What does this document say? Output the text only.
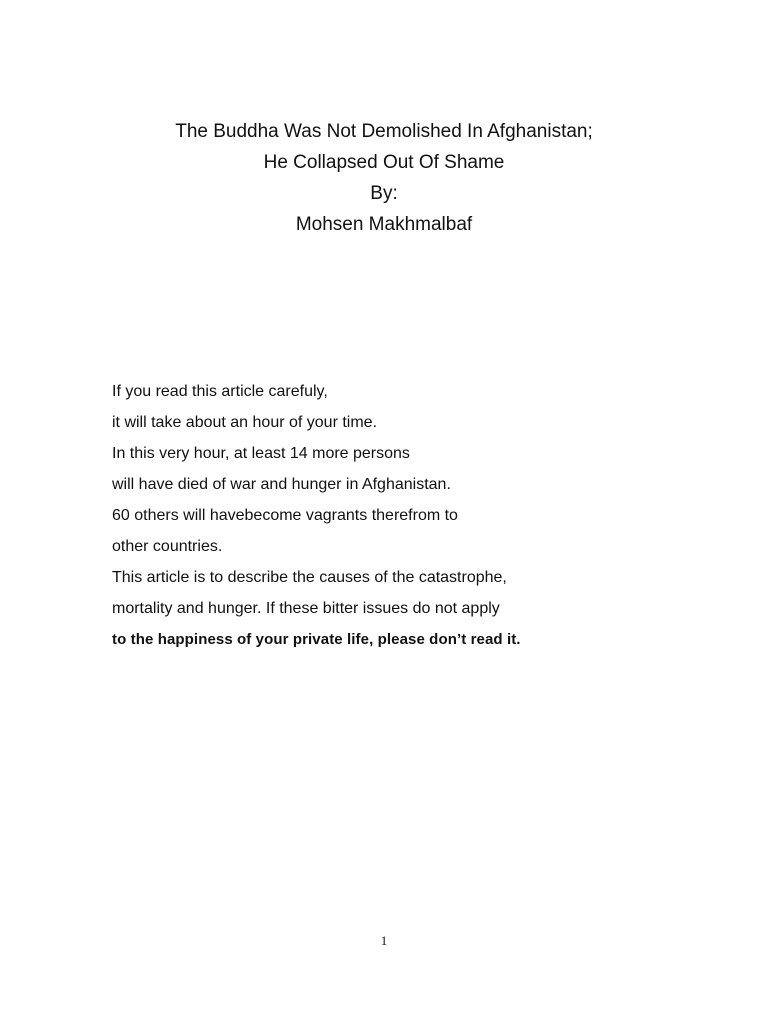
The Buddha Was Not Demolished In Afghanistan;
He Collapsed Out Of Shame
By:
Mohsen Makhmalbaf
If you read this article carefuly,
it will take about an hour of your time.
In this very hour, at least 14 more persons
will have died of war and hunger in Afghanistan.
60 others will havebecome vagrants therefrom to
other countries.
This article is to describe the causes of the catastrophe,
mortality and hunger. If these bitter issues do not apply
to the happiness of your private life, please don’t read it.
1
